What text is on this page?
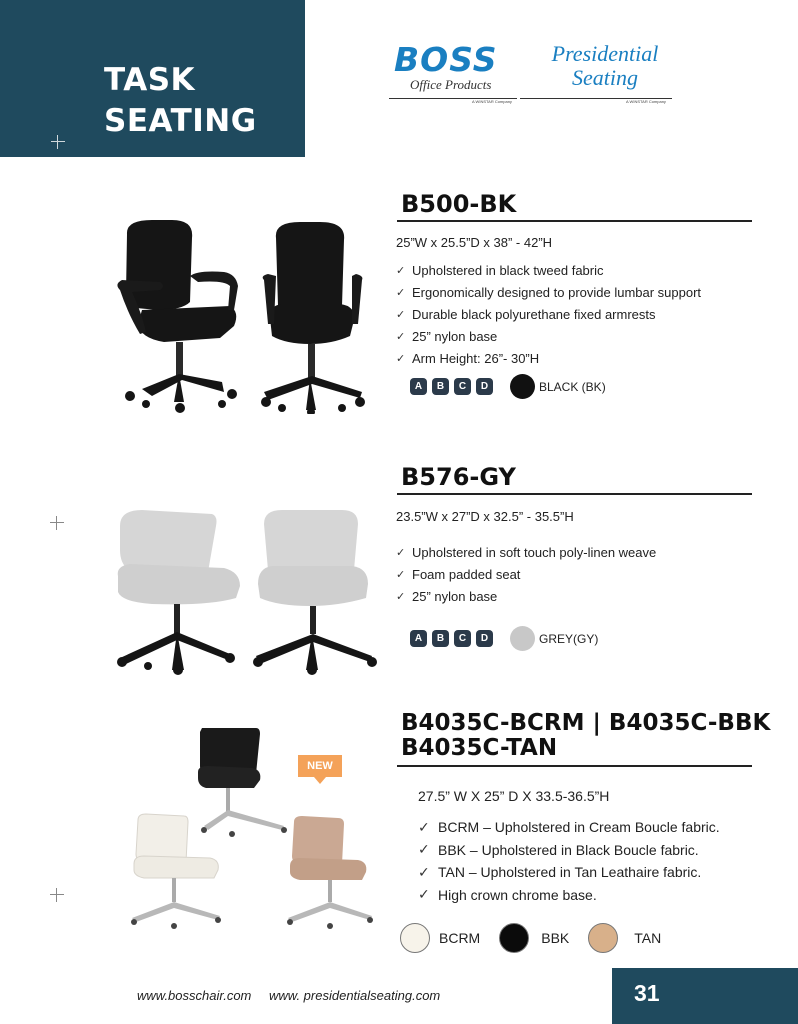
TASK
SEATING
BOSS
Office Products
A WINSTAR Company
Presidential
Seating
A WINSTAR Company
B500-BK
25”W x 25.5”D x 38” - 42”H
✓ Upholstered in black tweed fabric
✓ Ergonomically designed to provide lumbar support
✓ Durable black polyurethane fixed armrests
✓ 25” nylon base
✓ Arm Height: 26”- 30”H
A	B	C	D	BLACK (BK)
B576-GY
23.5”W x 27”D x 32.5” - 35.5”H
✓ Upholstered in soft touch poly-linen weave
✓ Foam padded seat
✓ 25” nylon base
A	B	C	D	GREY(GY)
NEW
B4035C-BCRM | B4035C-BBK
B4035C-TAN
27.5” W X 25” D X 33.5-36.5”H
✓ BCRM – Upholstered in Cream Boucle fabric.
✓ BBK – Upholstered in Black Boucle fabric.
✓ TAN – Upholstered in Tan Leathaire fabric.
✓ High crown chrome base.
BCRM	BBK	TAN
www.bosschair.com www. presidentialseating.com	31
